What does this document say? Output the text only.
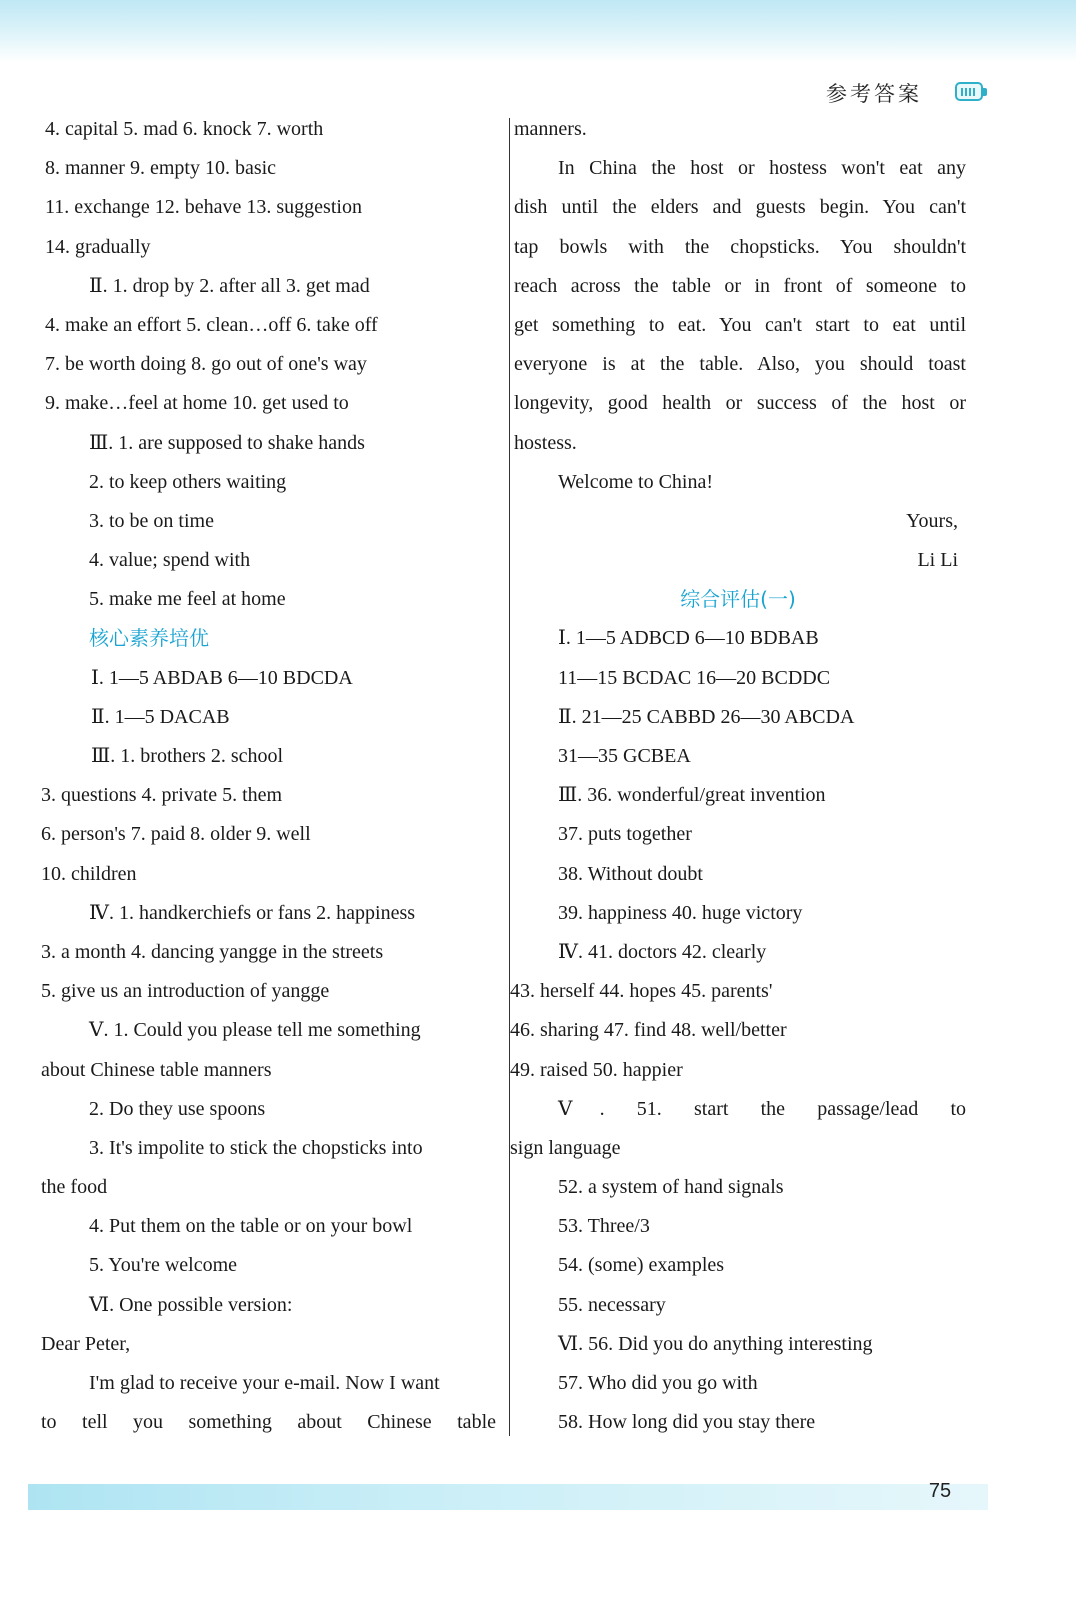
参考答案
4. capital 5. mad 6. knock 7. worth
8. manner 9. empty 10. basic
11. exchange 12. behave 13. suggestion
14. gradually
Ⅱ. 1. drop by 2. after all 3. get mad
4. make an effort 5. clean…off 6. take off
7. be worth doing 8. go out of one's way
9. make…feel at home 10. get used to
Ⅲ. 1. are supposed to shake hands
2. to keep others waiting
3. to be on time
4. value; spend with
5. make me feel at home
核心素养培优
Ⅰ. 1—5 ABDAB 6—10 BDCDA
Ⅱ. 1—5 DACAB
Ⅲ. 1. brothers 2. school
3. questions 4. private 5. them
6. person's 7. paid 8. older 9. well
10. children
Ⅳ. 1. handkerchiefs or fans 2. happiness
3. a month 4. dancing yangge in the streets
5. give us an introduction of yangge
Ⅴ. 1. Could you please tell me something
about Chinese table manners
2. Do they use spoons
3. It's impolite to stick the chopsticks into
the food
4. Put them on the table or on your bowl
5. You're welcome
Ⅵ. One possible version:
Dear Peter,
I'm glad to receive your e-mail. Now I want
to tell you something about Chinese table
manners.
In China the host or hostess won't eat any
dish until the elders and guests begin. You can't
tap bowls with the chopsticks. You shouldn't
reach across the table or in front of someone to
get something to eat. You can't start to eat until
everyone is at the table. Also, you should toast
longevity, good health or success of the host or
hostess.
Welcome to China!
Yours,
Li Li
综合评估(一)
Ⅰ. 1—5 ADBCD 6—10 BDBAB
11—15 BCDAC 16—20 BCDDC
Ⅱ. 21—25 CABBD 26—30 ABCDA
31—35 GCBEA
Ⅲ. 36. wonderful/great invention
37. puts together
38. Without doubt
39. happiness 40. huge victory
Ⅳ. 41. doctors 42. clearly
43. herself 44. hopes 45. parents'
46. sharing 47. find 48. well/better
49. raised 50. happier
Ⅴ. 51. start the passage/lead to
sign language
52. a system of hand signals
53. Three/3
54. (some) examples
55. necessary
Ⅵ. 56. Did you do anything interesting
57. Who did you go with
58. How long did you stay there
75
